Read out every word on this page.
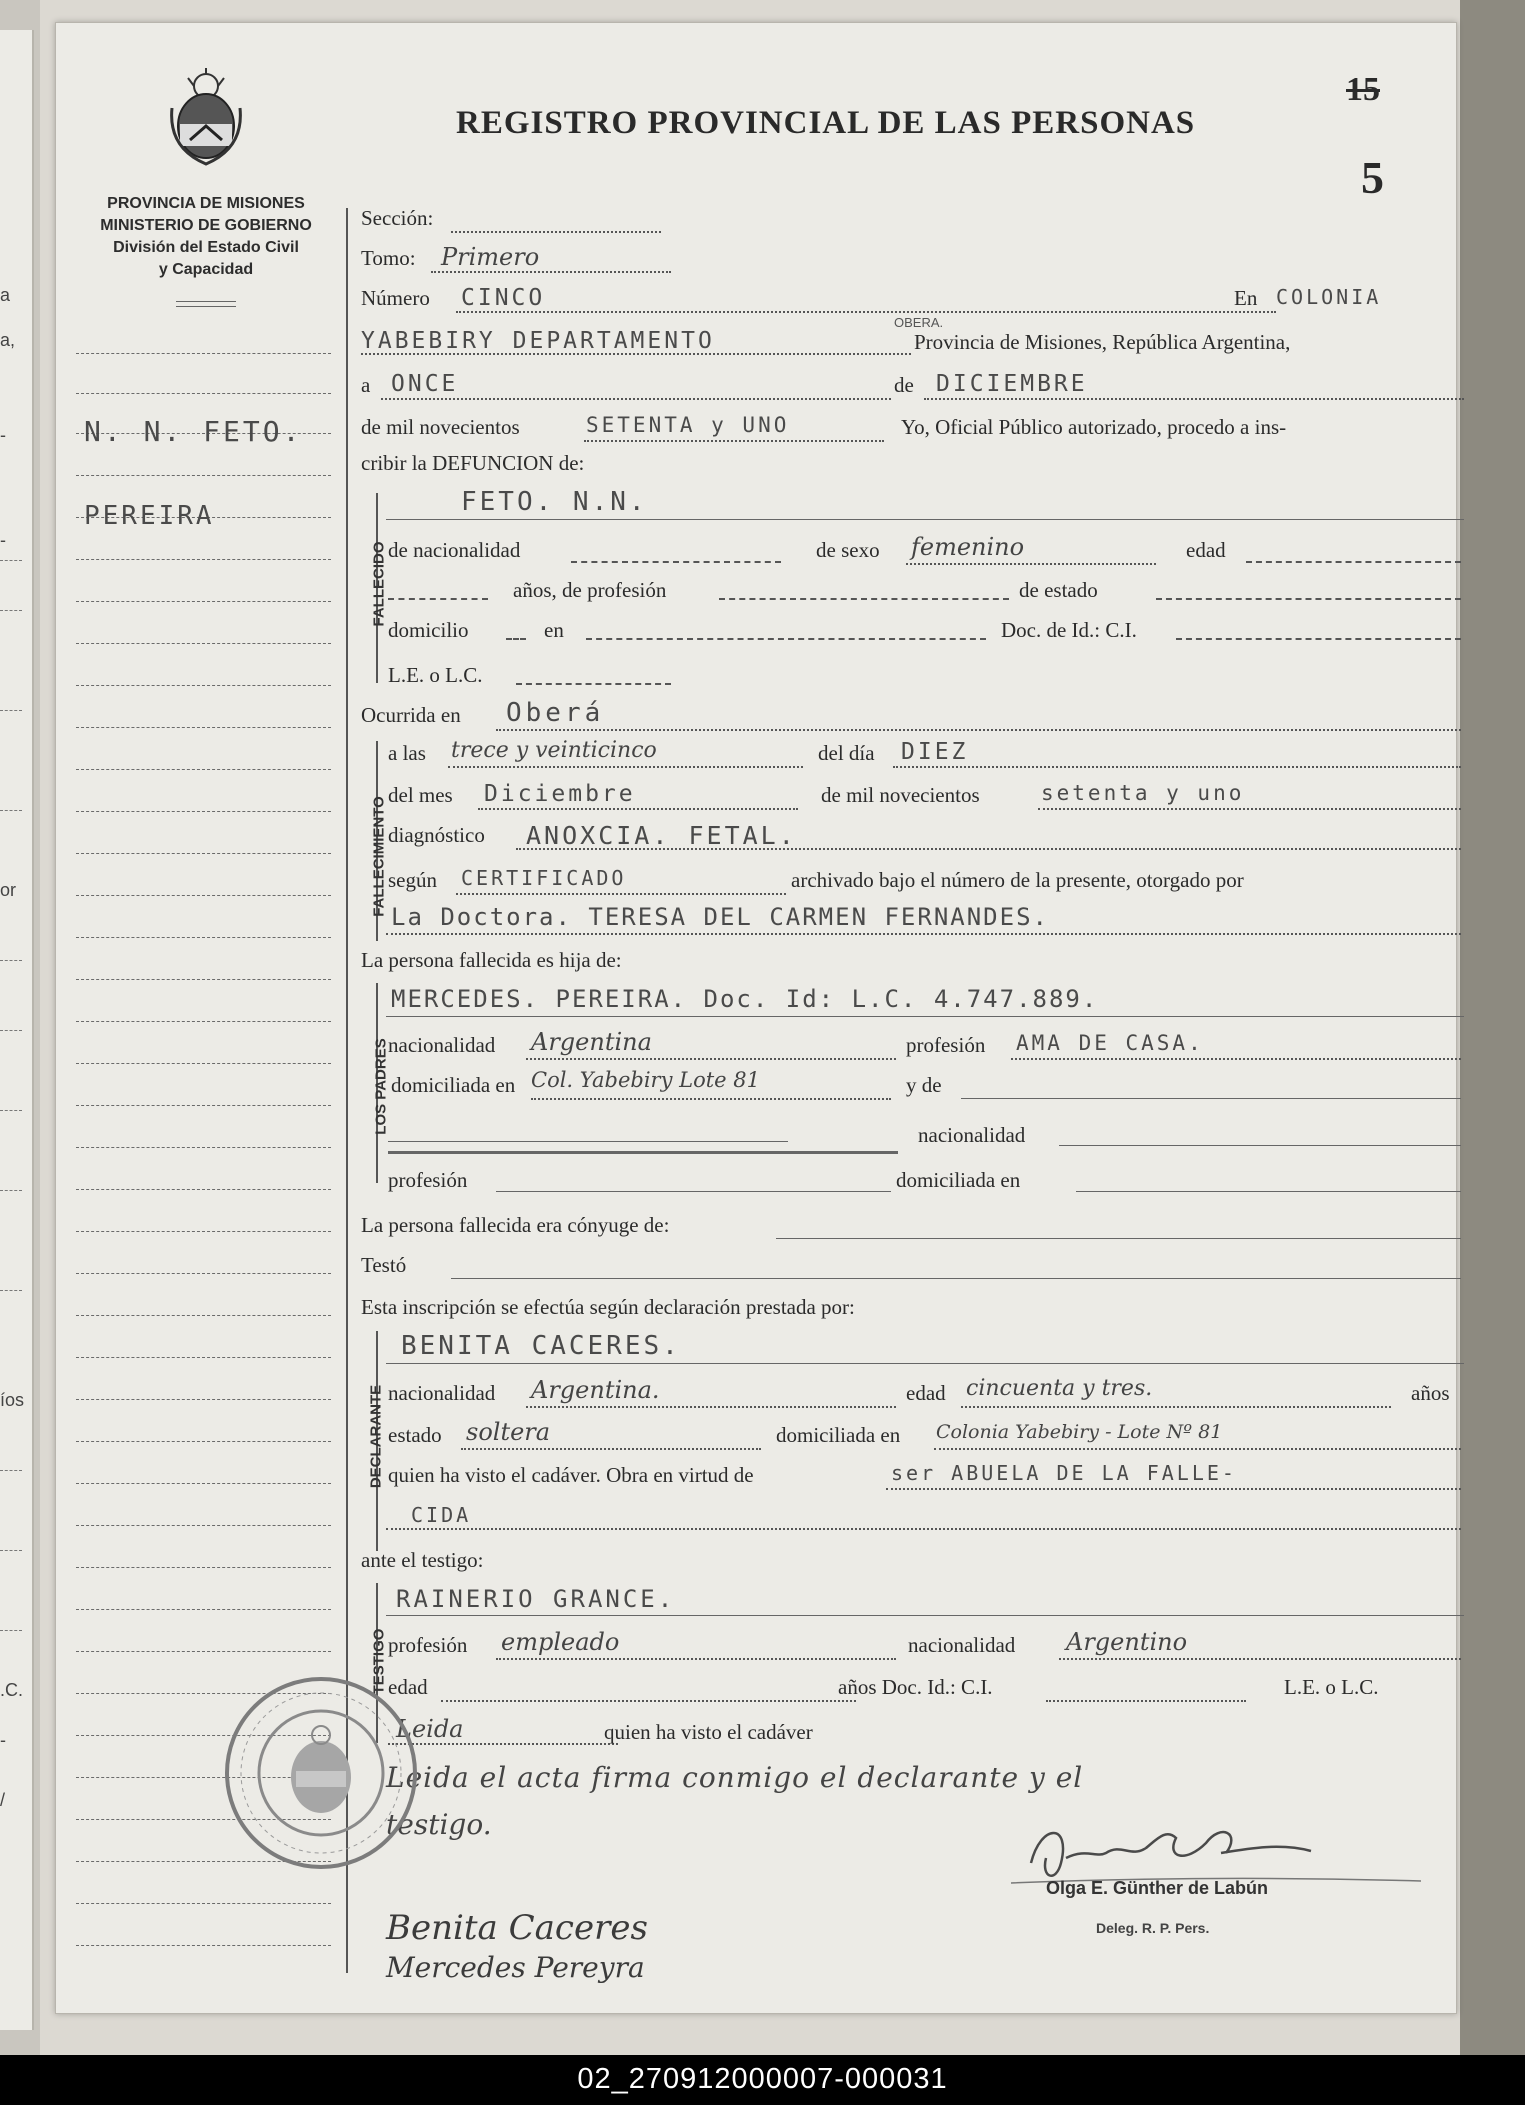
a
a,
-
-
or
íos
.C.
-
/
PROVINCIA DE MISIONES
MINISTERIO DE GOBIERNO
División del Estado Civil
y Capacidad
N. N. FETO.
PEREIRA
REGISTRO PROVINCIAL DE LAS PERSONAS
15
5
Sección:
Tomo: Primero
Número CINCO	En COLONIA
OBERA.
YABEBIRY DEPARTAMENTO	Provincia de Misiones, República Argentina,
a ONCE	de DICIEMBRE
de mil novecientos	SETENTA y UNO	Yo, Oficial Público autorizado, procedo a ins-
cribir la DEFUNCION de:
FALLECIDO
FETO. N.N.
de nacionalidad	de sexo femenino	edad
años, de profesión	de estado
domicilio	en	Doc. de Id.: C.I.
L.E. o L.C.
Ocurrida en Oberá
FALLECIMIENTO
a las trece y veinticinco	del día DIEZ
del mes Diciembre	de mil novecientos	setenta y uno
diagnóstico ANOXCIA. FETAL.
según CERTIFICADO	archivado bajo el número de la presente, otorgado por
La Doctora. TERESA DEL CARMEN FERNANDES.
La persona fallecida es hija de:
LOS PADRES
MERCEDES. PEREIRA. Doc. Id: L.C. 4.747.889.
nacionalidad Argentina	profesión AMA DE CASA.
domiciliada en Col. Yabebiry Lote 81	y de
nacionalidad
profesión	domiciliada en
La persona fallecida era cónyuge de:
Testó
Esta inscripción se efectúa según declaración prestada por:
DECLARANTE
BENITA CACERES.
nacionalidad Argentina.	edad cincuenta y tres.	años
estado soltera	domiciliada en Colonia Yabebiry - Lote Nº 81
quien ha visto el cadáver. Obra en virtud de	ser ABUELA DE LA FALLE-
CIDA
ante el testigo:
TESTIGO
RAINERIO GRANCE.
profesión empleado	nacionalidad Argentino
edad	años Doc. Id.: C.I.	L.E. o L.C.
Leida	quien ha visto el cadáver
Leida el acta firma conmigo el declarante y el
testigo.
Olga E. Günther de Labún
Deleg. R. P. Pers.
Benita Caceres
Mercedes Pereyra
02_270912000007-000031
